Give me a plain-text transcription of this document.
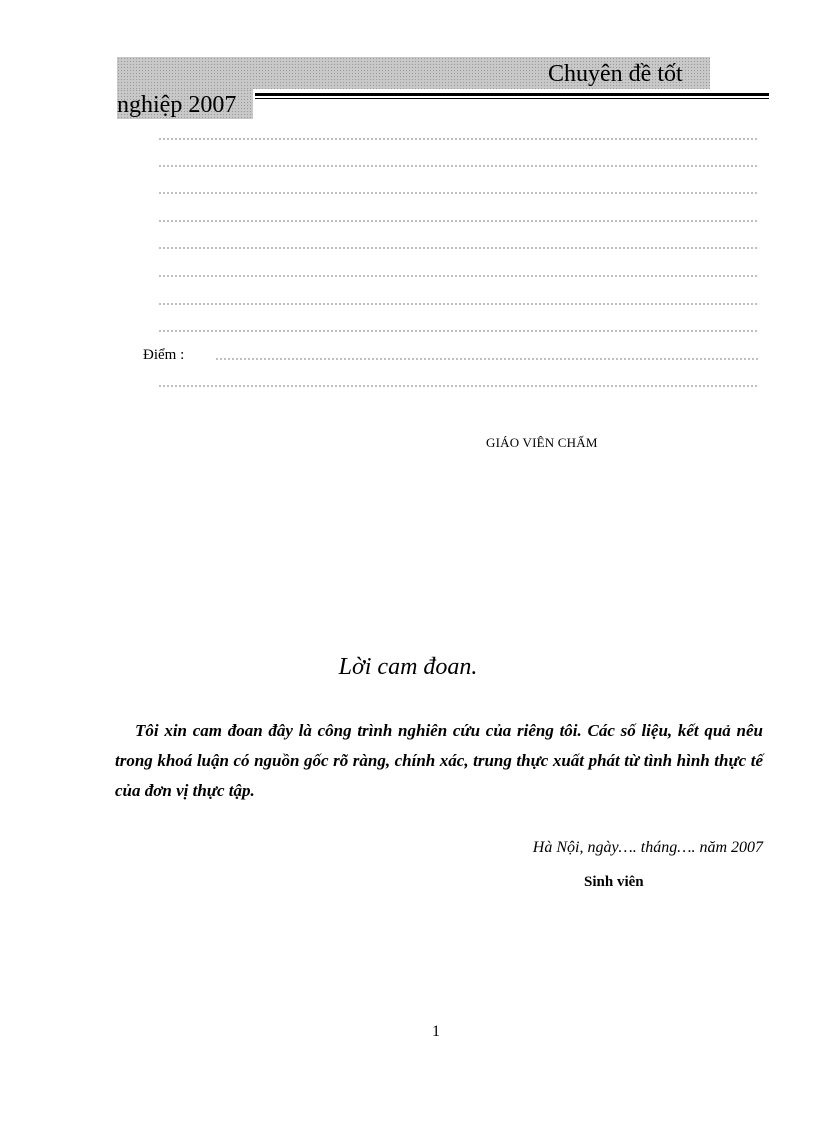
Chuyên đề tốt
nghiệp 2007
Điểm :
GIÁO VIÊN CHẤM
Lời cam đoan.

Tôi xin cam đoan đây là công trình nghiên cứu của riêng tôi. Các số liệu, kết quả nêu trong khoá luận có nguồn gốc rõ ràng, chính xác, trung thực xuất phát từ tình hình thực tế của đơn vị thực tập.

Hà Nội, ngày…. tháng…. năm 2007
Sinh viên
1
